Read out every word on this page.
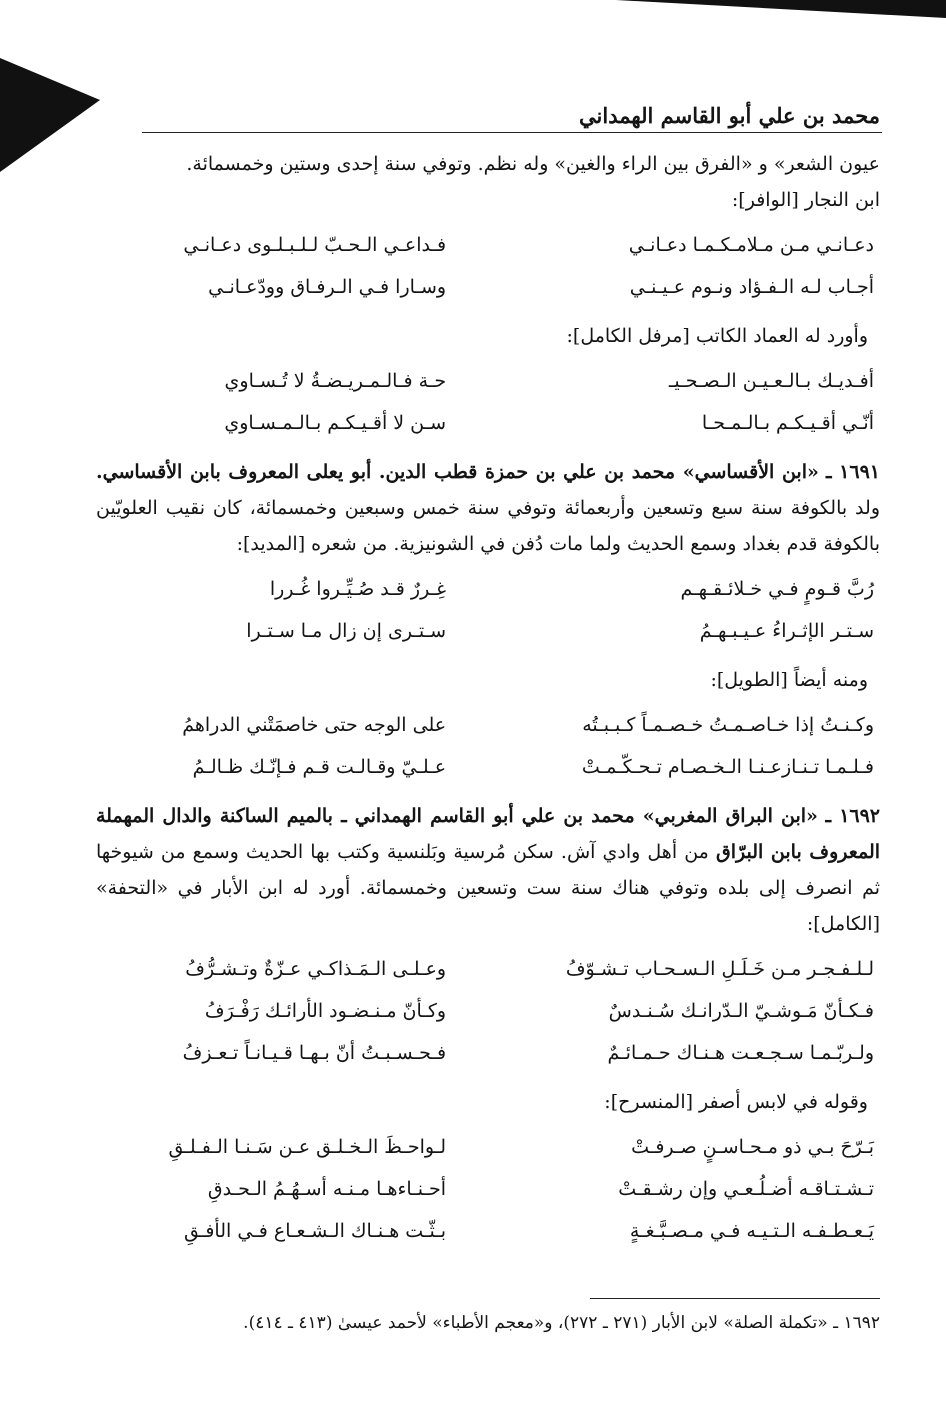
محمد بن علي أبو القاسم الهمداني

عيون الشعر» و «الفرق بين الراء والغين» وله نظم. وتوفي سنة إحدى وستين وخمسمائة.

ابن النجار [الوافر]:

دعـانـي مـن مـلامـكـمـا دعـانـي
فـداعـي الـحـبّ لـلـبـلـوى دعـانـي
أجـاب لـه الـفـؤاد ونـوم عـيـنـي
وسـارا فـي الـرفـاق وودّعـانـي

وأورد له العماد الكاتب [مرفل الكامل]:

أفـديـك بـالـعـيـن الـصـحـيـ
حـة فـالـمـريـضـةُ لا تُـسـاوي
أنّـي أقـيـكـم بـالـمـحـا
سـن لا أقـيـكـم بـالـمـسـاوي

١٦٩١ ـ «ابن الأقساسي» محمد بن علي بن حمزة قطب الدين. أبو يعلى المعروف بابن الأقساسي. ولد بالكوفة سنة سبع وتسعين وأربعمائة وتوفي سنة خمس وسبعين وخمسمائة، كان نقيب العلويّين بالكوفة قدم بغداد وسمع الحديث ولما مات دُفن في الشونيزية. من شعره [المديد]:

رُبَّ قـومٍ فـي خـلائـقـهـم
غِـررٌ قـد صُـيِّـروا غُـررا
سـتـر الإثـراءُ عـيـبـهـمُ
سـتـرى إن زال مـا سـتـرا

ومنه أيضاً [الطويل]:

وكـنـتُ إذا خـاصـمـتُ خـصـمـاً كـبـبـتُه
على الوجه حتى خاصمَتْني الدراهمُ
فـلـمـا تـنـازعـنـا الـخـصـام تـحـكّـمـتْ
عـلـيّ وقـالـت قـم فـإنّـك ظـالـمُ

١٦٩٢ ـ «ابن البراق المغربي» محمد بن علي أبو القاسم الهمداني ـ بالميم الساكنة والدال المهملة المعروف بابن البرّاق من أهل وادي آش. سكن مُرسية وبَلنسية وكتب بها الحديث وسمع من شيوخها ثم انصرف إلى بلده وتوفي هناك سنة ست وتسعين وخمسمائة. أورد له ابن الأبار في «التحفة» [الكامل]:

لـلـفـجـر مـن خَـلَـلِ الـسـحـاب تـشـوّفُ
وعـلـى الـمَـذاكـي عـزّةٌ وتـشـرُّفُ
فـكـأنّ مَـوشـيّ الـدّرانـك سُـنـدسٌ
وكـأنّ مـنـضـود الأرائـك رَفْـرَفُ
ولـربّـمـا سـجـعـت هـنـاك حـمـائـمٌ
فـحـسـبـتُ أنّ بـهـا قـيـانـاً تـعـزفُ

وقوله في لابس أصفر [المنسرح]:

بَـرّحَ بـي ذو مـحـاسـنٍ صـرفـتْ
لـواحـظَ الـخـلـق عـن سَـنـا الـفـلـقِ
تـشـتـاقـه أضـلُـعـي وإن رشـقـتْ
أحـنـاءهـا مـنـه أسـهُـمُ الـحـدقِ
يَـعـطـفـه الـتـيـه فـي مـصـبَّـغـةٍ
بـثّـت هـنـاك الـشـعـاع فـي الأفـقِ
١٦٩٢ ـ «تكملة الصلة» لابن الأبار (٢٧١ ـ ٢٧٢)، و«معجم الأطباء» لأحمد عيسىٰ (٤١٣ ـ ٤١٤).
